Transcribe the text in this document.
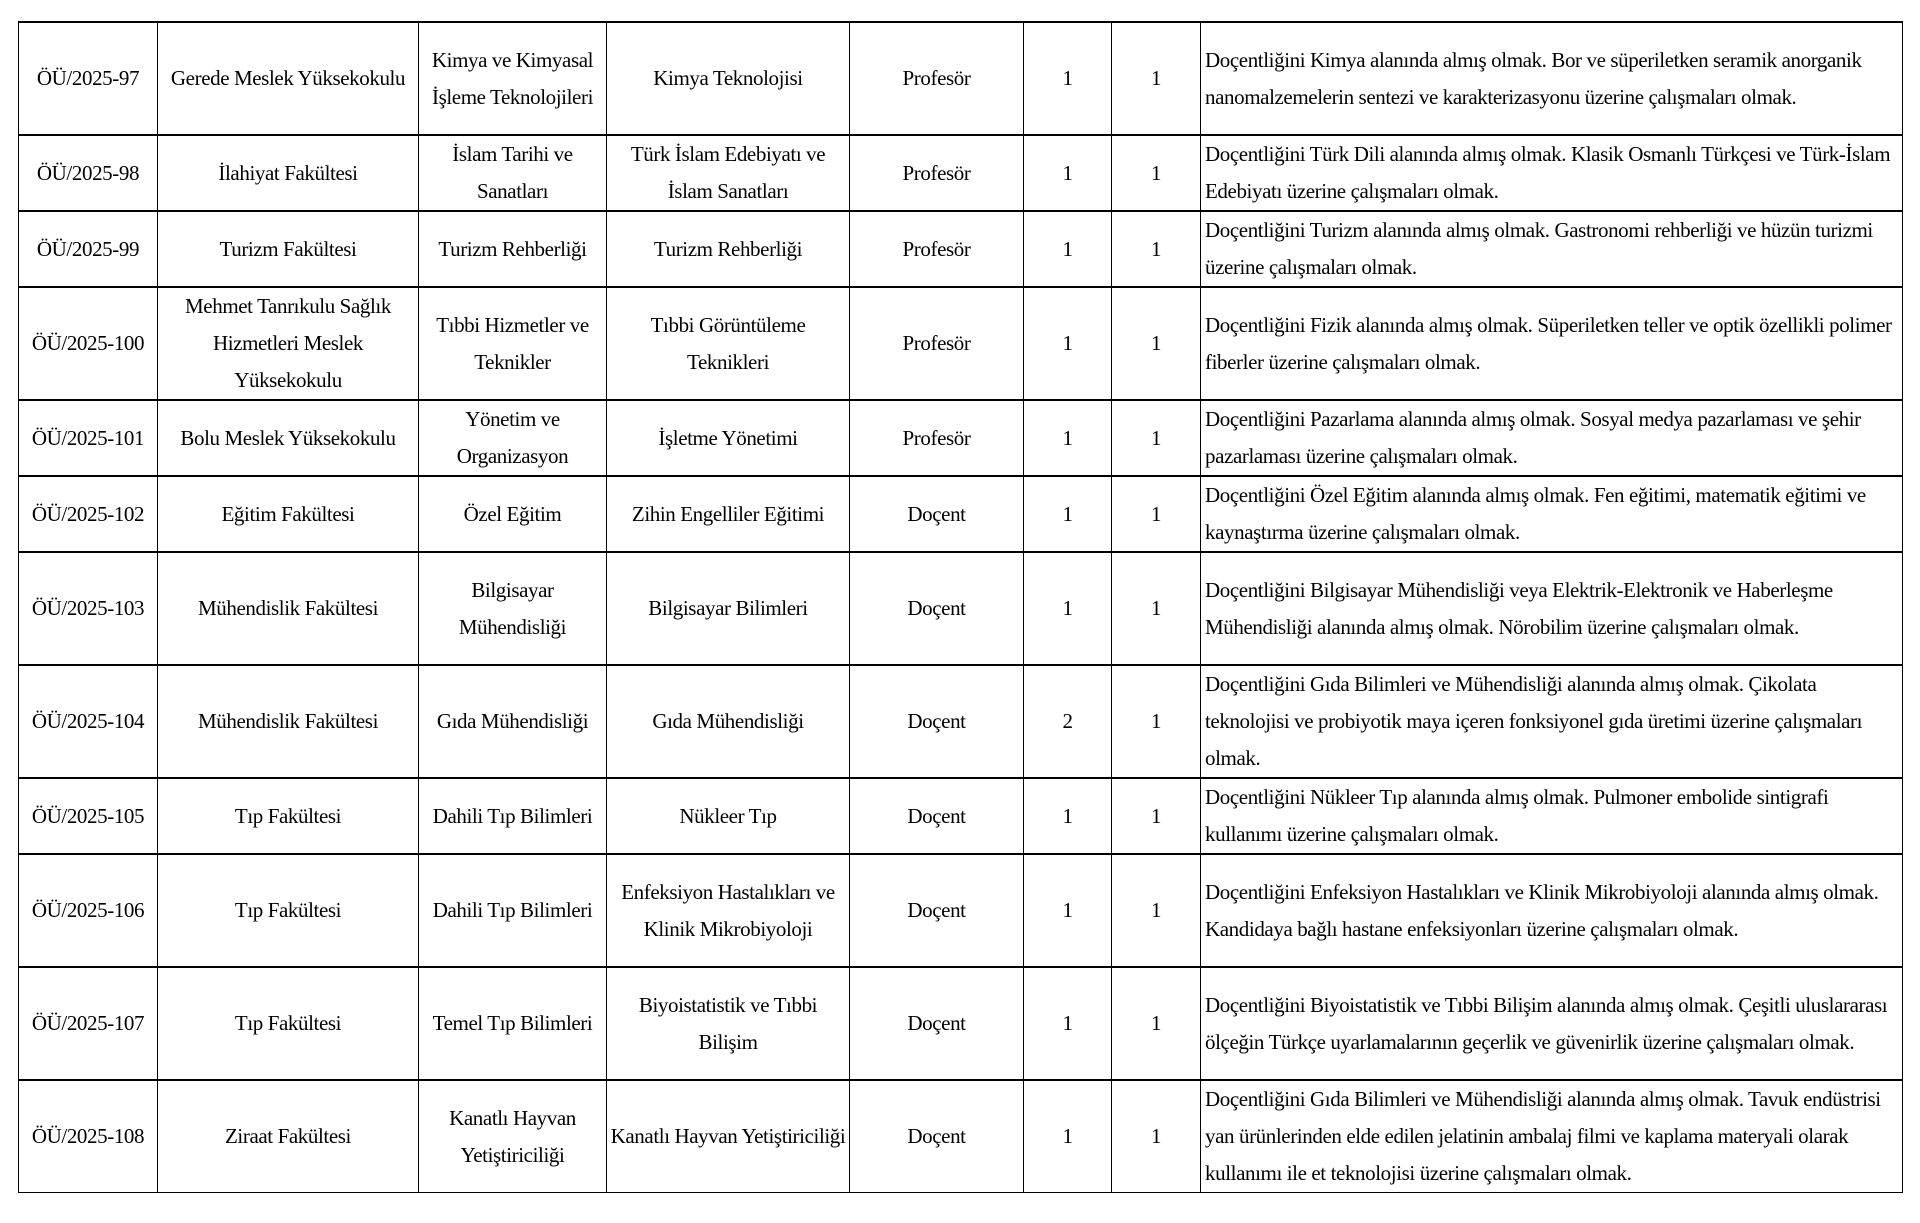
ÖÜ/2025-97	Gerede Meslek Yüksekokulu	Kimya ve Kimyasal İşleme Teknolojileri	Kimya Teknolojisi	Profesör	1	1	Doçentliğini Kimya alanında almış olmak. Bor ve süperiletken seramik anorganik nanomalzemelerin sentezi ve karakterizasyonu üzerine çalışmaları olmak.
ÖÜ/2025-98	İlahiyat Fakültesi	İslam Tarihi ve Sanatları	Türk İslam Edebiyatı ve İslam Sanatları	Profesör	1	1	Doçentliğini Türk Dili alanında almış olmak. Klasik Osmanlı Türkçesi ve Türk-İslam Edebiyatı üzerine çalışmaları olmak.
ÖÜ/2025-99	Turizm Fakültesi	Turizm Rehberliği	Turizm Rehberliği	Profesör	1	1	Doçentliğini Turizm alanında almış olmak. Gastronomi rehberliği ve hüzün turizmi üzerine çalışmaları olmak.
ÖÜ/2025-100	Mehmet Tanrıkulu Sağlık Hizmetleri Meslek Yüksekokulu	Tıbbi Hizmetler ve Teknikler	Tıbbi Görüntüleme Teknikleri	Profesör	1	1	Doçentliğini Fizik alanında almış olmak. Süperiletken teller ve optik özellikli polimer fiberler üzerine çalışmaları olmak.
ÖÜ/2025-101	Bolu Meslek Yüksekokulu	Yönetim ve Organizasyon	İşletme Yönetimi	Profesör	1	1	Doçentliğini Pazarlama alanında almış olmak. Sosyal medya pazarlaması ve şehir pazarlaması üzerine çalışmaları olmak.
ÖÜ/2025-102	Eğitim Fakültesi	Özel Eğitim	Zihin Engelliler Eğitimi	Doçent	1	1	Doçentliğini Özel Eğitim alanında almış olmak. Fen eğitimi, matematik eğitimi ve kaynaştırma üzerine çalışmaları olmak.
ÖÜ/2025-103	Mühendislik Fakültesi	Bilgisayar Mühendisliği	Bilgisayar Bilimleri	Doçent	1	1	Doçentliğini Bilgisayar Mühendisliği veya Elektrik-Elektronik ve Haberleşme Mühendisliği alanında almış olmak. Nörobilim üzerine çalışmaları olmak.
ÖÜ/2025-104	Mühendislik Fakültesi	Gıda Mühendisliği	Gıda Mühendisliği	Doçent	2	1	Doçentliğini Gıda Bilimleri ve Mühendisliği alanında almış olmak. Çikolata teknolojisi ve probiyotik maya içeren fonksiyonel gıda üretimi üzerine çalışmaları olmak.
ÖÜ/2025-105	Tıp Fakültesi	Dahili Tıp Bilimleri	Nükleer Tıp	Doçent	1	1	Doçentliğini Nükleer Tıp alanında almış olmak. Pulmoner embolide sintigrafi kullanımı üzerine çalışmaları olmak.
ÖÜ/2025-106	Tıp Fakültesi	Dahili Tıp Bilimleri	Enfeksiyon Hastalıkları ve Klinik Mikrobiyoloji	Doçent	1	1	Doçentliğini Enfeksiyon Hastalıkları ve Klinik Mikrobiyoloji alanında almış olmak. Kandidaya bağlı hastane enfeksiyonları üzerine çalışmaları olmak.
ÖÜ/2025-107	Tıp Fakültesi	Temel Tıp Bilimleri	Biyoistatistik ve Tıbbi Bilişim	Doçent	1	1	Doçentliğini Biyoistatistik ve Tıbbi Bilişim alanında almış olmak. Çeşitli uluslararası ölçeğin Türkçe uyarlamalarının geçerlik ve güvenirlik üzerine çalışmaları olmak.
ÖÜ/2025-108	Ziraat Fakültesi	Kanatlı Hayvan Yetiştiriciliği	Kanatlı Hayvan Yetiştiriciliği	Doçent	1	1	Doçentliğini Gıda Bilimleri ve Mühendisliği alanında almış olmak. Tavuk endüstrisi yan ürünlerinden elde edilen jelatinin ambalaj filmi ve kaplama materyali olarak kullanımı ile et teknolojisi üzerine çalışmaları olmak.
